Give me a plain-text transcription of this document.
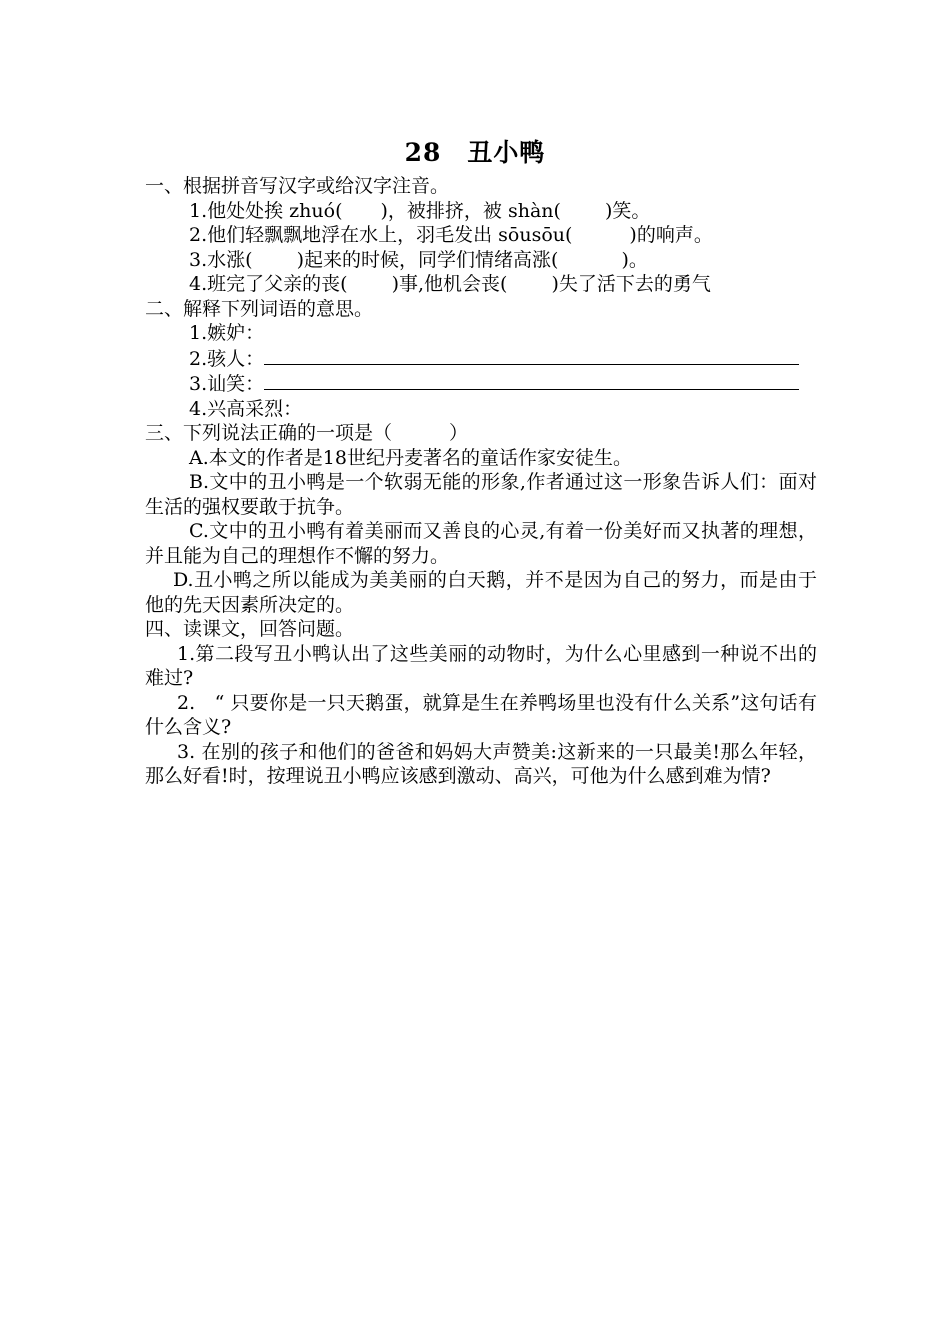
28　丑小鸭
一、根据拼音写汉字或给汉字注音。
1.他处处挨 zhuó(　　)，被排挤，被 shàn(　　 )笑。
2.他们轻飘飘地浮在水上，羽毛发出 sōusōu(　　　)的响声。
3.水涨(　　 )起来的时候，同学们情绪高涨(　　　 )。
4.班完了父亲的丧(　　 )事,他机会丧(　　 )失了活下去的勇气
二、解释下列词语的意思。
1.嫉妒：
2.骇人：
3.讪笑：
4.兴高采烈：
三、下列说法正确的一项是（　　　）
A.本文的作者是18世纪丹麦著名的童话作家安徒生。
B.文中的丑小鸭是一个软弱无能的形象,作者通过这一形象告诉人们：面对生活的强权要敢于抗争。
C.文中的丑小鸭有着美丽而又善良的心灵,有着一份美好而又执著的理想，并且能为自己的理想作不懈的努力。
D.丑小鸭之所以能成为美美丽的白天鹅，并不是因为自己的努力，而是由于他的先天因素所决定的。
四、读课文，回答问题。
1.第二段写丑小鸭认出了这些美丽的动物时，为什么心里感到一种说不出的难过?
2.　“ 只要你是一只天鹅蛋，就算是生在养鸭场里也没有什么关系”这句话有什么含义?
3. 在别的孩子和他们的爸爸和妈妈大声赞美:这新来的一只最美!那么年轻，那么好看!时，按理说丑小鸭应该感到激动、高兴，可他为什么感到难为情?
